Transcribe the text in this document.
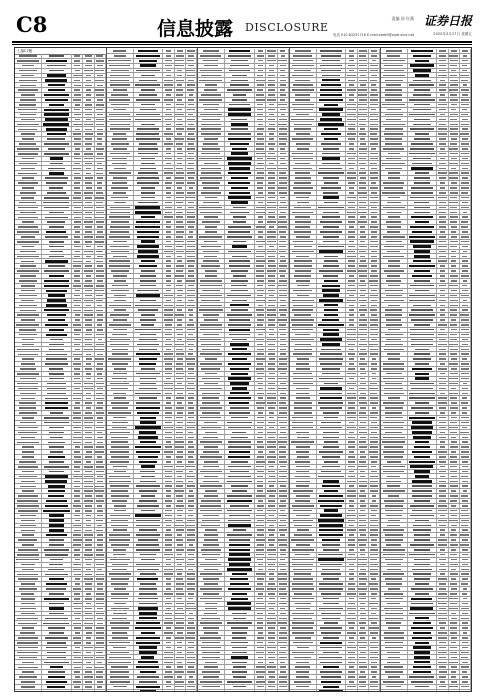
C8	信息披露 DISCLOSURE
责编 屈 红燕 证券日报
电话 010-83251716 E-mail:zqrb9@zqrb.sina.net	2020年3月27日 星期五
上接C7版
